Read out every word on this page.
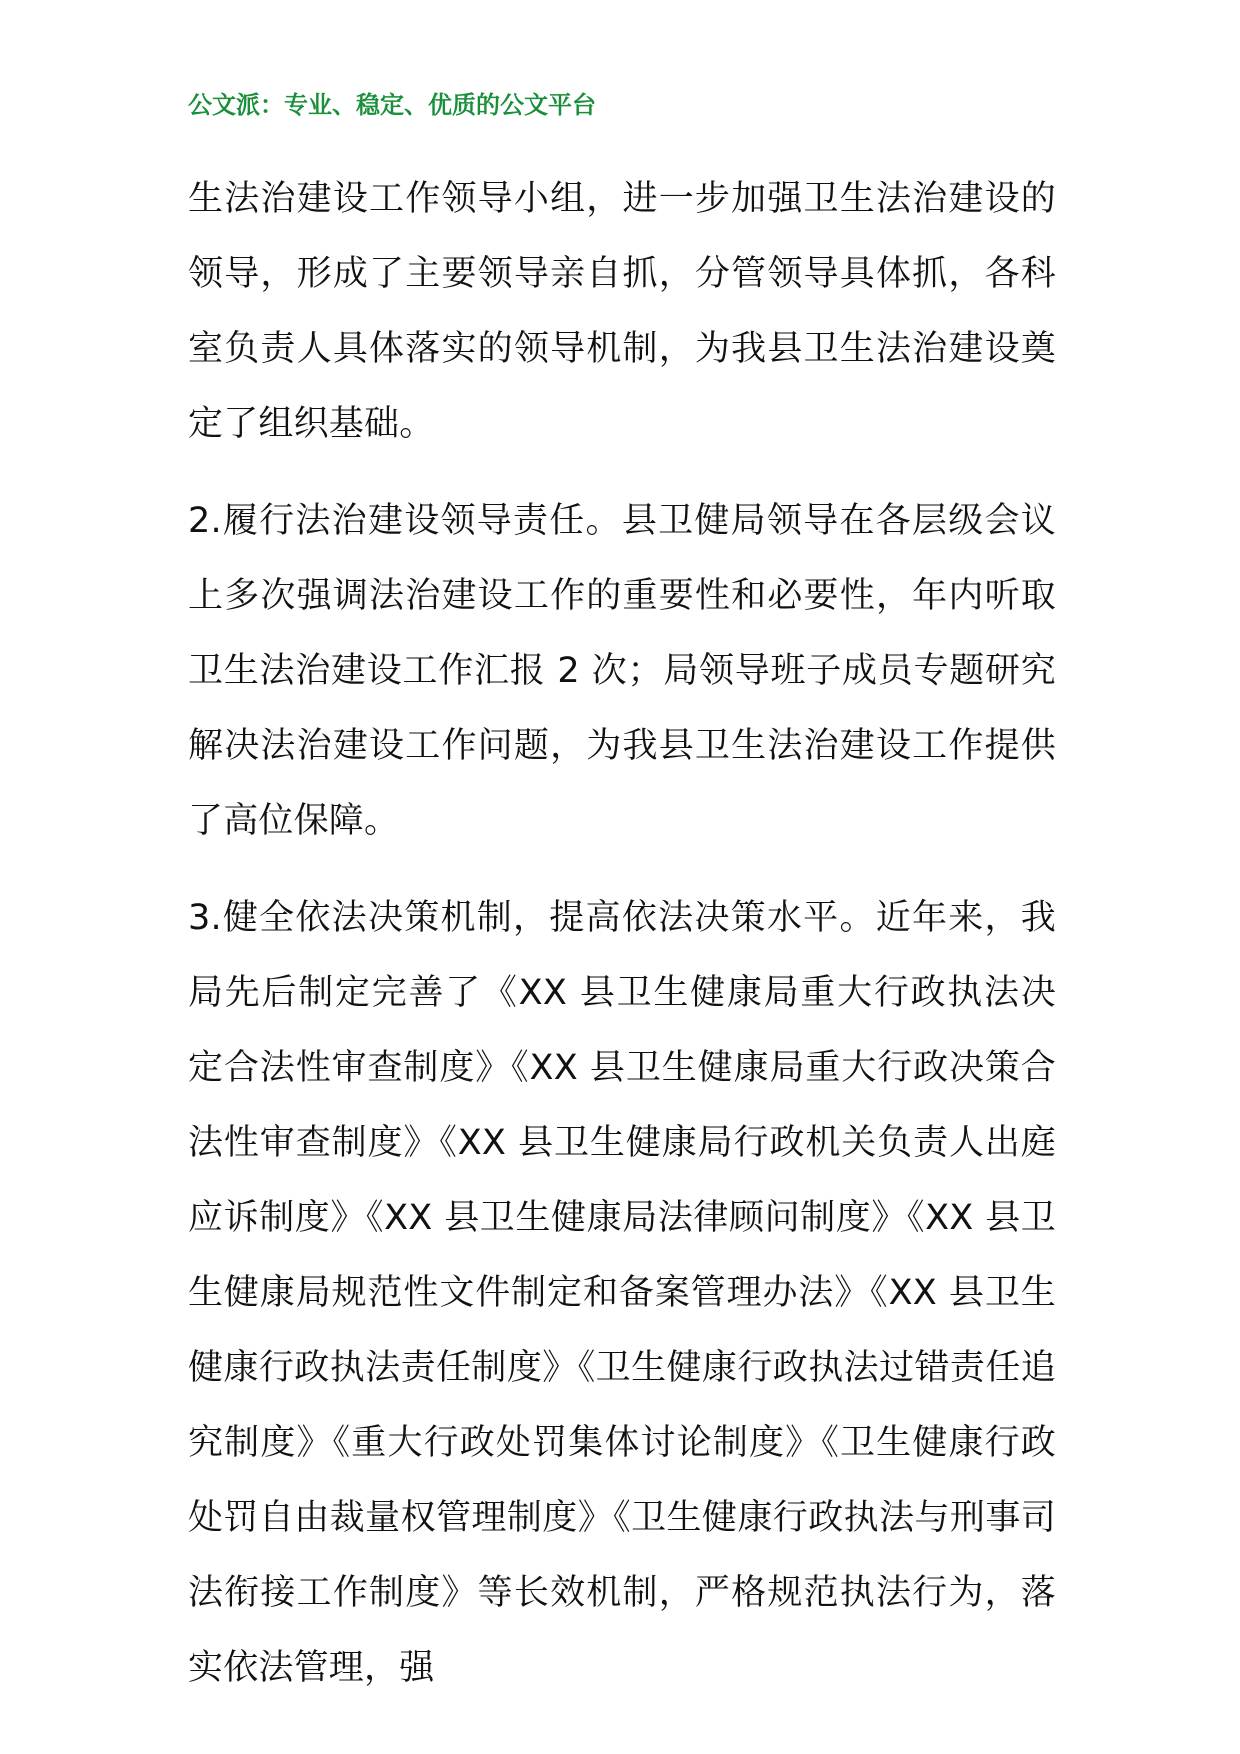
公文派：专业、稳定、优质的公文平台

生法治建设工作领导小组，进一步加强卫生法治建设的领导，形成了主要领导亲自抓，分管领导具体抓，各科室负责人具体落实的领导机制，为我县卫生法治建设奠定了组织基础。

2.履行法治建设领导责任。县卫健局领导在各层级会议上多次强调法治建设工作的重要性和必要性，年内听取卫生法治建设工作汇报 2 次；局领导班子成员专题研究解决法治建设工作问题，为我县卫生法治建设工作提供了高位保障。

3.健全依法决策机制，提高依法决策水平。近年来，我局先后制定完善了《XX 县卫生健康局重大行政执法决定合法性审查制度》《XX 县卫生健康局重大行政决策合法性审查制度》《XX 县卫生健康局行政机关负责人出庭应诉制度》《XX 县卫生健康局法律顾问制度》《XX 县卫生健康局规范性文件制定和备案管理办法》《XX 县卫生健康行政执法责任制度》《卫生健康行政执法过错责任追究制度》《重大行政处罚集体讨论制度》《卫生健康行政处罚自由裁量权管理制度》《卫生健康行政执法与刑事司法衔接工作制度》等长效机制，严格规范执法行为，落实依法管理，强
